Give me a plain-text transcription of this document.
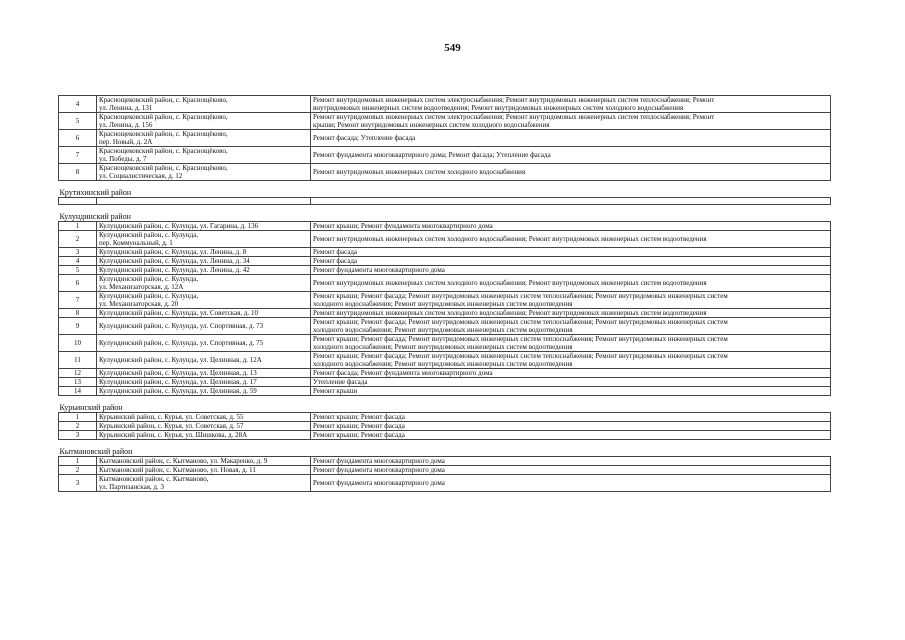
549
4	Краснощековский район, с. Краснощёково,
ул. Ленина, д. 131	Ремонт внутридомовых инженерных систем электроснабжения; Ремонт внутридомовых инженерных систем теплоснабжения; Ремонт
внутридомовых инженерных систем водоотведения; Ремонт внутридомовых инженерных систем холодного водоснабжения

5	Краснощековский район, с. Краснощёково,
ул. Ленина, д. 156	Ремонт внутридомовых инженерных систем электроснабжения; Ремонт внутридомовых инженерных систем теплоснабжения; Ремонт
крыши; Ремонт внутридомовых инженерных систем холодного водоснабжения

6	Краснощековский район, с. Краснощёково,
пер. Новый, д. 2А	Ремонт фасада; Утепление фасада

7	Краснощековский район, с. Краснощёково,
ул. Победы, д. 7	Ремонт фундамента многоквартирного дома; Ремонт фасада; Утепление фасада

8	Краснощековский район, с. Краснощёково,
ул. Социалистическая, д. 12	Ремонт внутридомовых инженерных систем холодного водоснабжения

Крутихинский район		

Кулундинский район		
1	Кулундинский район, с. Кулунда, ул. Гагарина, д. 136	Ремонт крыши; Ремонт фундамента многоквартирного дома

2	Кулундинский район, с. Кулунда,
пер. Коммунальный, д. 1	Ремонт внутридомовых инженерных систем холодного водоснабжения; Ремонт внутридомовых инженерных систем водоотведения

3	Кулундинский район, с. Кулунда, ул. Ленина, д. 8	Ремонт фасада

4	Кулундинский район, с. Кулунда, ул. Ленина, д. 34	Ремонт фасада

5	Кулундинский район, с. Кулунда, ул. Ленина, д. 42	Ремонт фундамента многоквартирного дома

6	Кулундинский район, с. Кулунда,
ул. Механизаторская, д. 12А	Ремонт внутридомовых инженерных систем холодного водоснабжения; Ремонт внутридомовых инженерных систем водоотведения

7	Кулундинский район, с. Кулунда,
ул. Механизаторская, д. 20	Ремонт крыши; Ремонт фасада; Ремонт внутридомовых инженерных систем теплоснабжения; Ремонт внутридомовых инженерных систем
холодного водоснабжения; Ремонт внутридомовых инженерных систем водоотведения

8	Кулундинский район, с. Кулунда, ул. Советская, д. 10	Ремонт внутридомовых инженерных систем холодного водоснабжения; Ремонт внутридомовых инженерных систем водоотведения

9	Кулундинский район, с. Кулунда, ул. Спортивная, д. 73	Ремонт крыши; Ремонт фасада; Ремонт внутридомовых инженерных систем теплоснабжения; Ремонт внутридомовых инженерных систем
холодного водоснабжения; Ремонт внутридомовых инженерных систем водоотведения

10	Кулундинский район, с. Кулунда, ул. Спортивная, д. 75	Ремонт крыши; Ремонт фасада; Ремонт внутридомовых инженерных систем теплоснабжения; Ремонт внутридомовых инженерных систем
холодного водоснабжения; Ремонт внутридомовых инженерных систем водоотведения

11	Кулундинский район, с. Кулунда, ул. Целинная, д. 12А	Ремонт крыши; Ремонт фасада; Ремонт внутридомовых инженерных систем теплоснабжения; Ремонт внутридомовых инженерных систем
холодного водоснабжения; Ремонт внутридомовых инженерных систем водоотведения

12	Кулундинский район, с. Кулунда, ул. Целинная, д. 13	Ремонт фасада; Ремонт фундамента многоквартирного дома

13	Кулундинский район, с. Кулунда, ул. Целинная, д. 17	Утепление фасада

14	Кулундинский район, с. Кулунда, ул. Целинная, д. 59	Ремонт крыши

Курьинский район		
1	Курьинский район, с. Курья, ул. Советская, д. 55	Ремонт крыши; Ремонт фасада

2	Курьинский район, с. Курья, ул. Советская, д. 57	Ремонт крыши; Ремонт фасада

3	Курьинский район, с. Курья, ул. Шишкова, д. 28А	Ремонт крыши; Ремонт фасада

Кытмановский район		
1	Кытмановский район, с. Кытманово, ул. Макаренко, д. 9	Ремонт фундамента многоквартирного дома

2	Кытмановский район, с. Кытманово, ул. Новая, д. 11	Ремонт фундамента многоквартирного дома

3	Кытмановский район, с. Кытманово,
ул. Партизанская, д. 3	Ремонт фундамента многоквартирного дома
